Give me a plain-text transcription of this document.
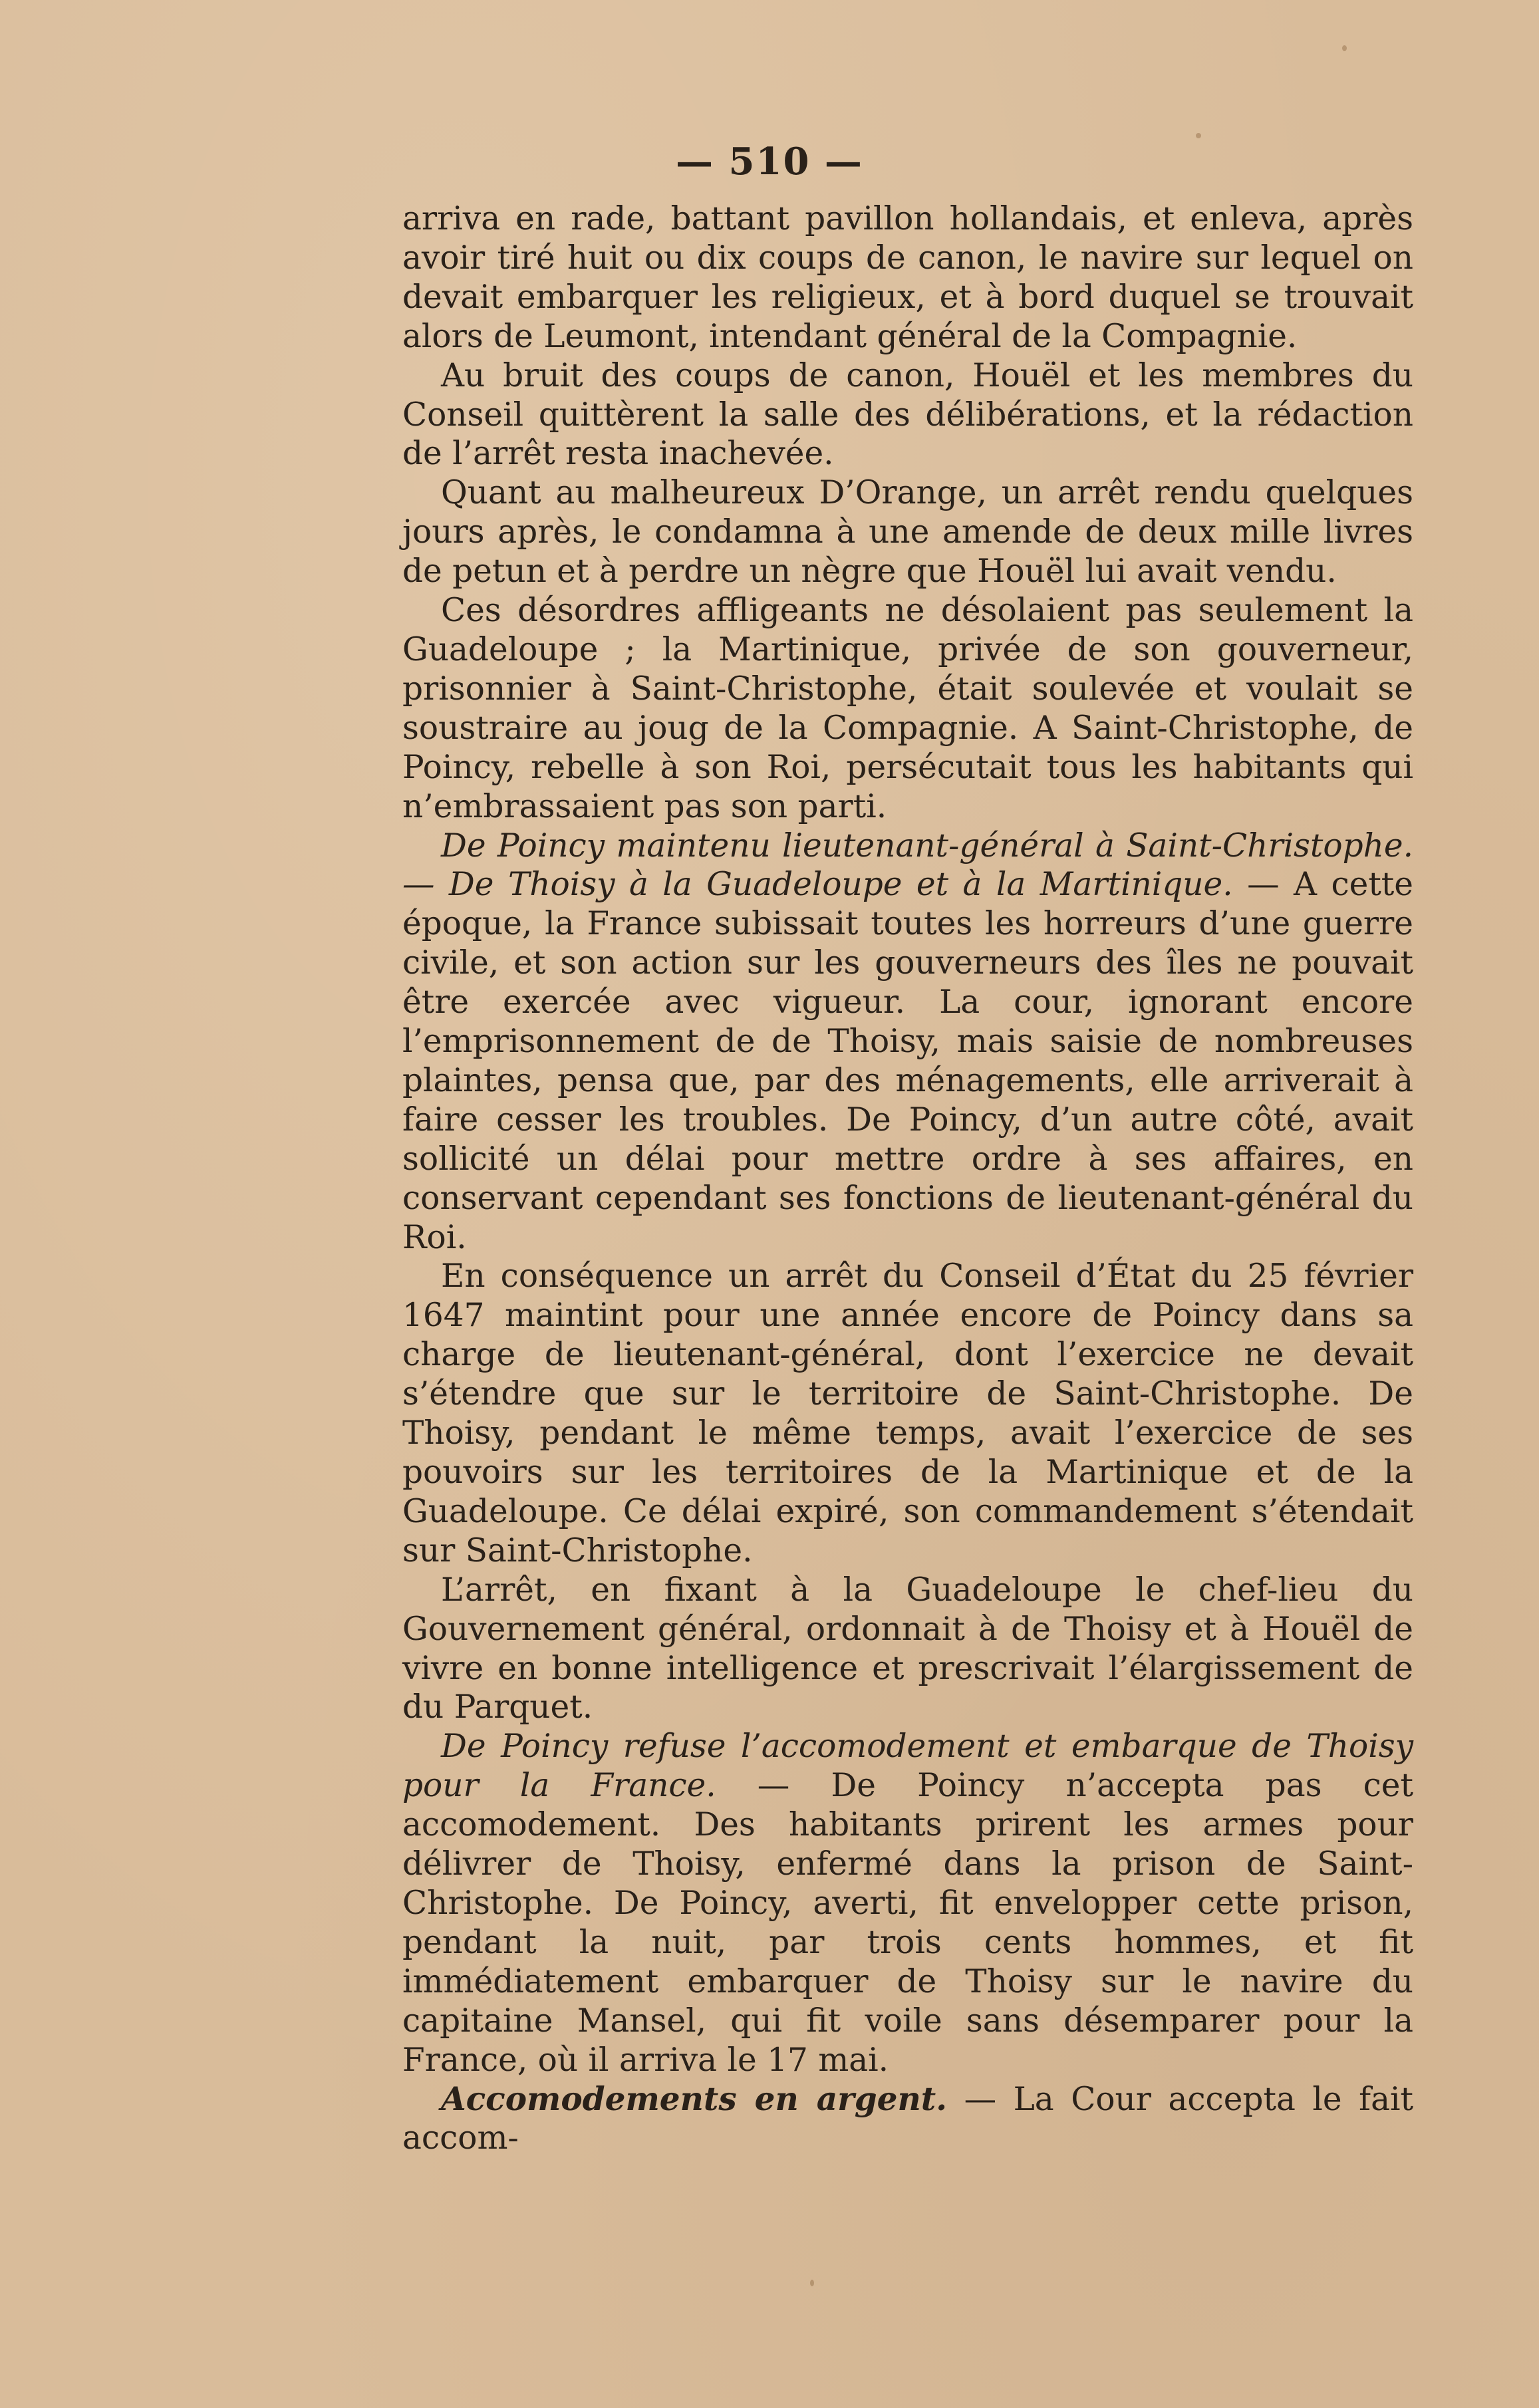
— 510 —

arriva en rade, battant pavillon hollandais, et enleva, après avoir tiré huit ou dix coups de canon, le navire sur lequel on devait embarquer les religieux, et à bord duquel se trouvait alors de Leumont, intendant général de la Compagnie.

Au bruit des coups de canon, Houël et les membres du Conseil quittèrent la salle des délibérations, et la rédaction de l’arrêt resta inachevée.

Quant au malheureux D’Orange, un arrêt rendu quelques jours après, le condamna à une amende de deux mille livres de petun et à perdre un nègre que Houël lui avait vendu.

Ces désordres affligeants ne désolaient pas seulement la Guadeloupe ; la Martinique, privée de son gouverneur, prisonnier à Saint-Christophe, était soulevée et voulait se soustraire au joug de la Compagnie. A Saint-Christophe, de Poincy, rebelle à son Roi, persécutait tous les habitants qui n’embrassaient pas son parti.

De Poincy maintenu lieutenant-général à Saint-Christophe. — De Thoisy à la Guadeloupe et à la Martinique. — A cette époque, la France subissait toutes les horreurs d’une guerre civile, et son action sur les gouverneurs des îles ne pouvait être exercée avec vigueur. La cour, ignorant encore l’emprisonnement de de Thoisy, mais saisie de nombreuses plaintes, pensa que, par des ménagements, elle arriverait à faire cesser les troubles. De Poincy, d’un autre côté, avait sollicité un délai pour mettre ordre à ses affaires, en conservant cependant ses fonctions de lieutenant-général du Roi.

En conséquence un arrêt du Conseil d’État du 25 février 1647 maintint pour une année encore de Poincy dans sa charge de lieutenant-général, dont l’exercice ne devait s’étendre que sur le territoire de Saint-Christophe. De Thoisy, pendant le même temps, avait l’exercice de ses pouvoirs sur les territoires de la Martinique et de la Guadeloupe. Ce délai expiré, son commandement s’étendait sur Saint-Christophe.

L’arrêt, en fixant à la Guadeloupe le chef-lieu du Gouvernement général, ordonnait à de Thoisy et à Houël de vivre en bonne intelligence et prescrivait l’élargissement de du Parquet.

De Poincy refuse l’accomodement et embarque de Thoisy pour la France. — De Poincy n’accepta pas cet accomodement. Des habitants prirent les armes pour délivrer de Thoisy, enfermé dans la prison de Saint-Christophe. De Poincy, averti, fit envelopper cette prison, pendant la nuit, par trois cents hommes, et fit immédiatement embarquer de Thoisy sur le navire du capitaine Mansel, qui fit voile sans désemparer pour la France, où il arriva le 17 mai.

Accomodements en argent. — La Cour accepta le fait accom-
